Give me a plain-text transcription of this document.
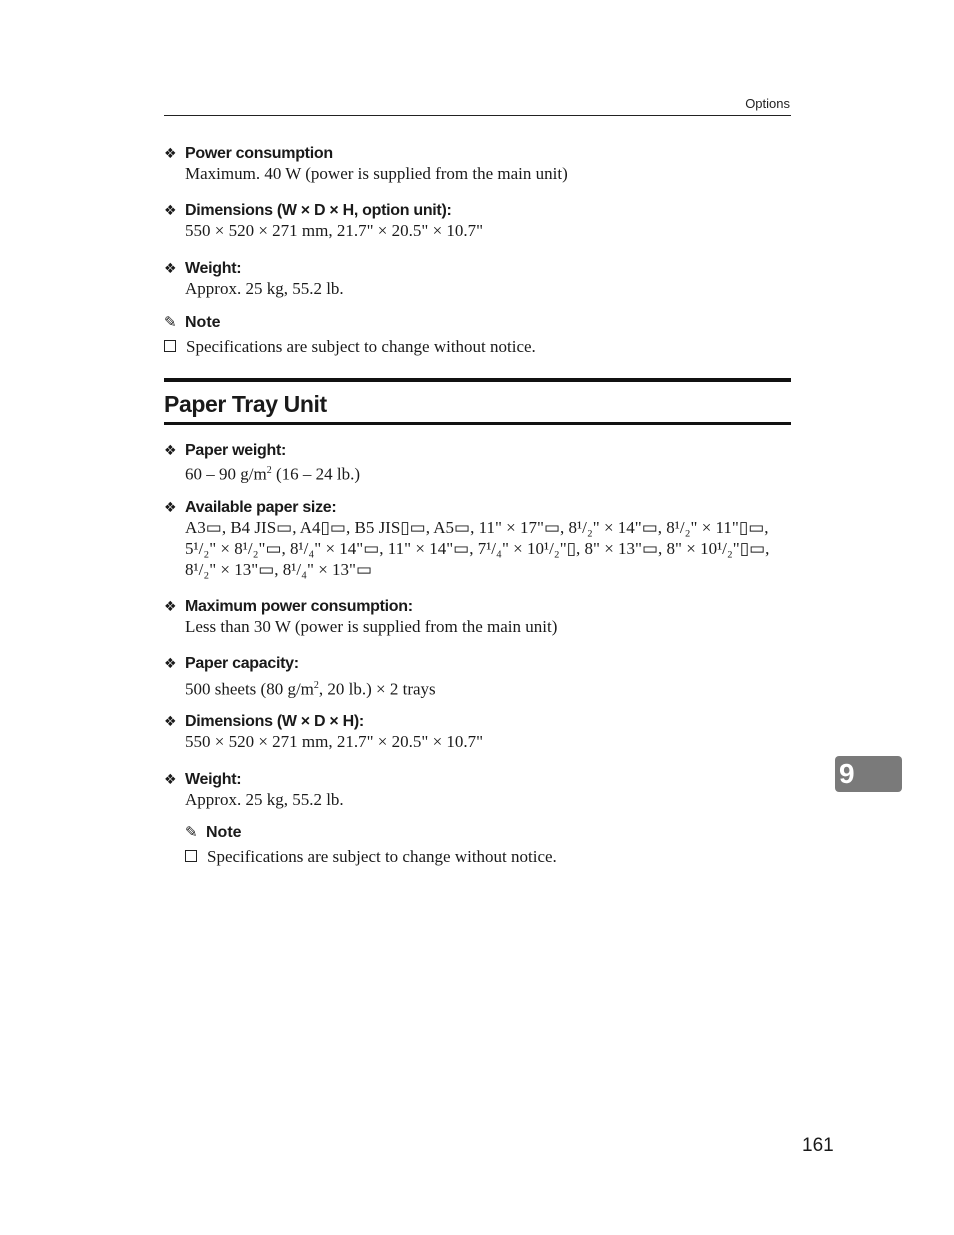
Options
❖ Power consumption
Maximum. 40 W (power is supplied from the main unit)
❖ Dimensions (W × D × H, option unit):
550 × 520 × 271 mm, 21.7" × 20.5" × 10.7"
❖ Weight:
Approx. 25 kg, 55.2 lb.
✎ Note
Specifications are subject to change without notice.
Paper Tray Unit
❖ Paper weight:
60 – 90 $g/m^2$ (16 – 24 lb.)
❖ Available paper size:
A3▭, B4 JIS▭, A4▯▭, B5 JIS▯▭, A5▭, 11" × 17"▭, 8¹/₂" × 14"▭, 8¹/₂" × 11"▯▭,
5¹/₂" × 8¹/₂"▭, 8¹/₄" × 14"▭, 11" × 14"▭, 7¹/₄" × 10¹/₂"▯, 8" × 13"▭, 8" × 10¹/₂"▯▭,
8¹/₂" × 13"▭, 8¹/₄" × 13"▭
❖ Maximum power consumption:
Less than 30 W (power is supplied from the main unit)
❖ Paper capacity:
500 sheets (80 $g/m^2$, 20 lb.) × 2 trays
❖ Dimensions (W × D × H):
550 × 520 × 271 mm, 21.7" × 20.5" × 10.7"
❖ Weight:
Approx. 25 kg, 55.2 lb.
✎ Note
Specifications are subject to change without notice.
9
161
